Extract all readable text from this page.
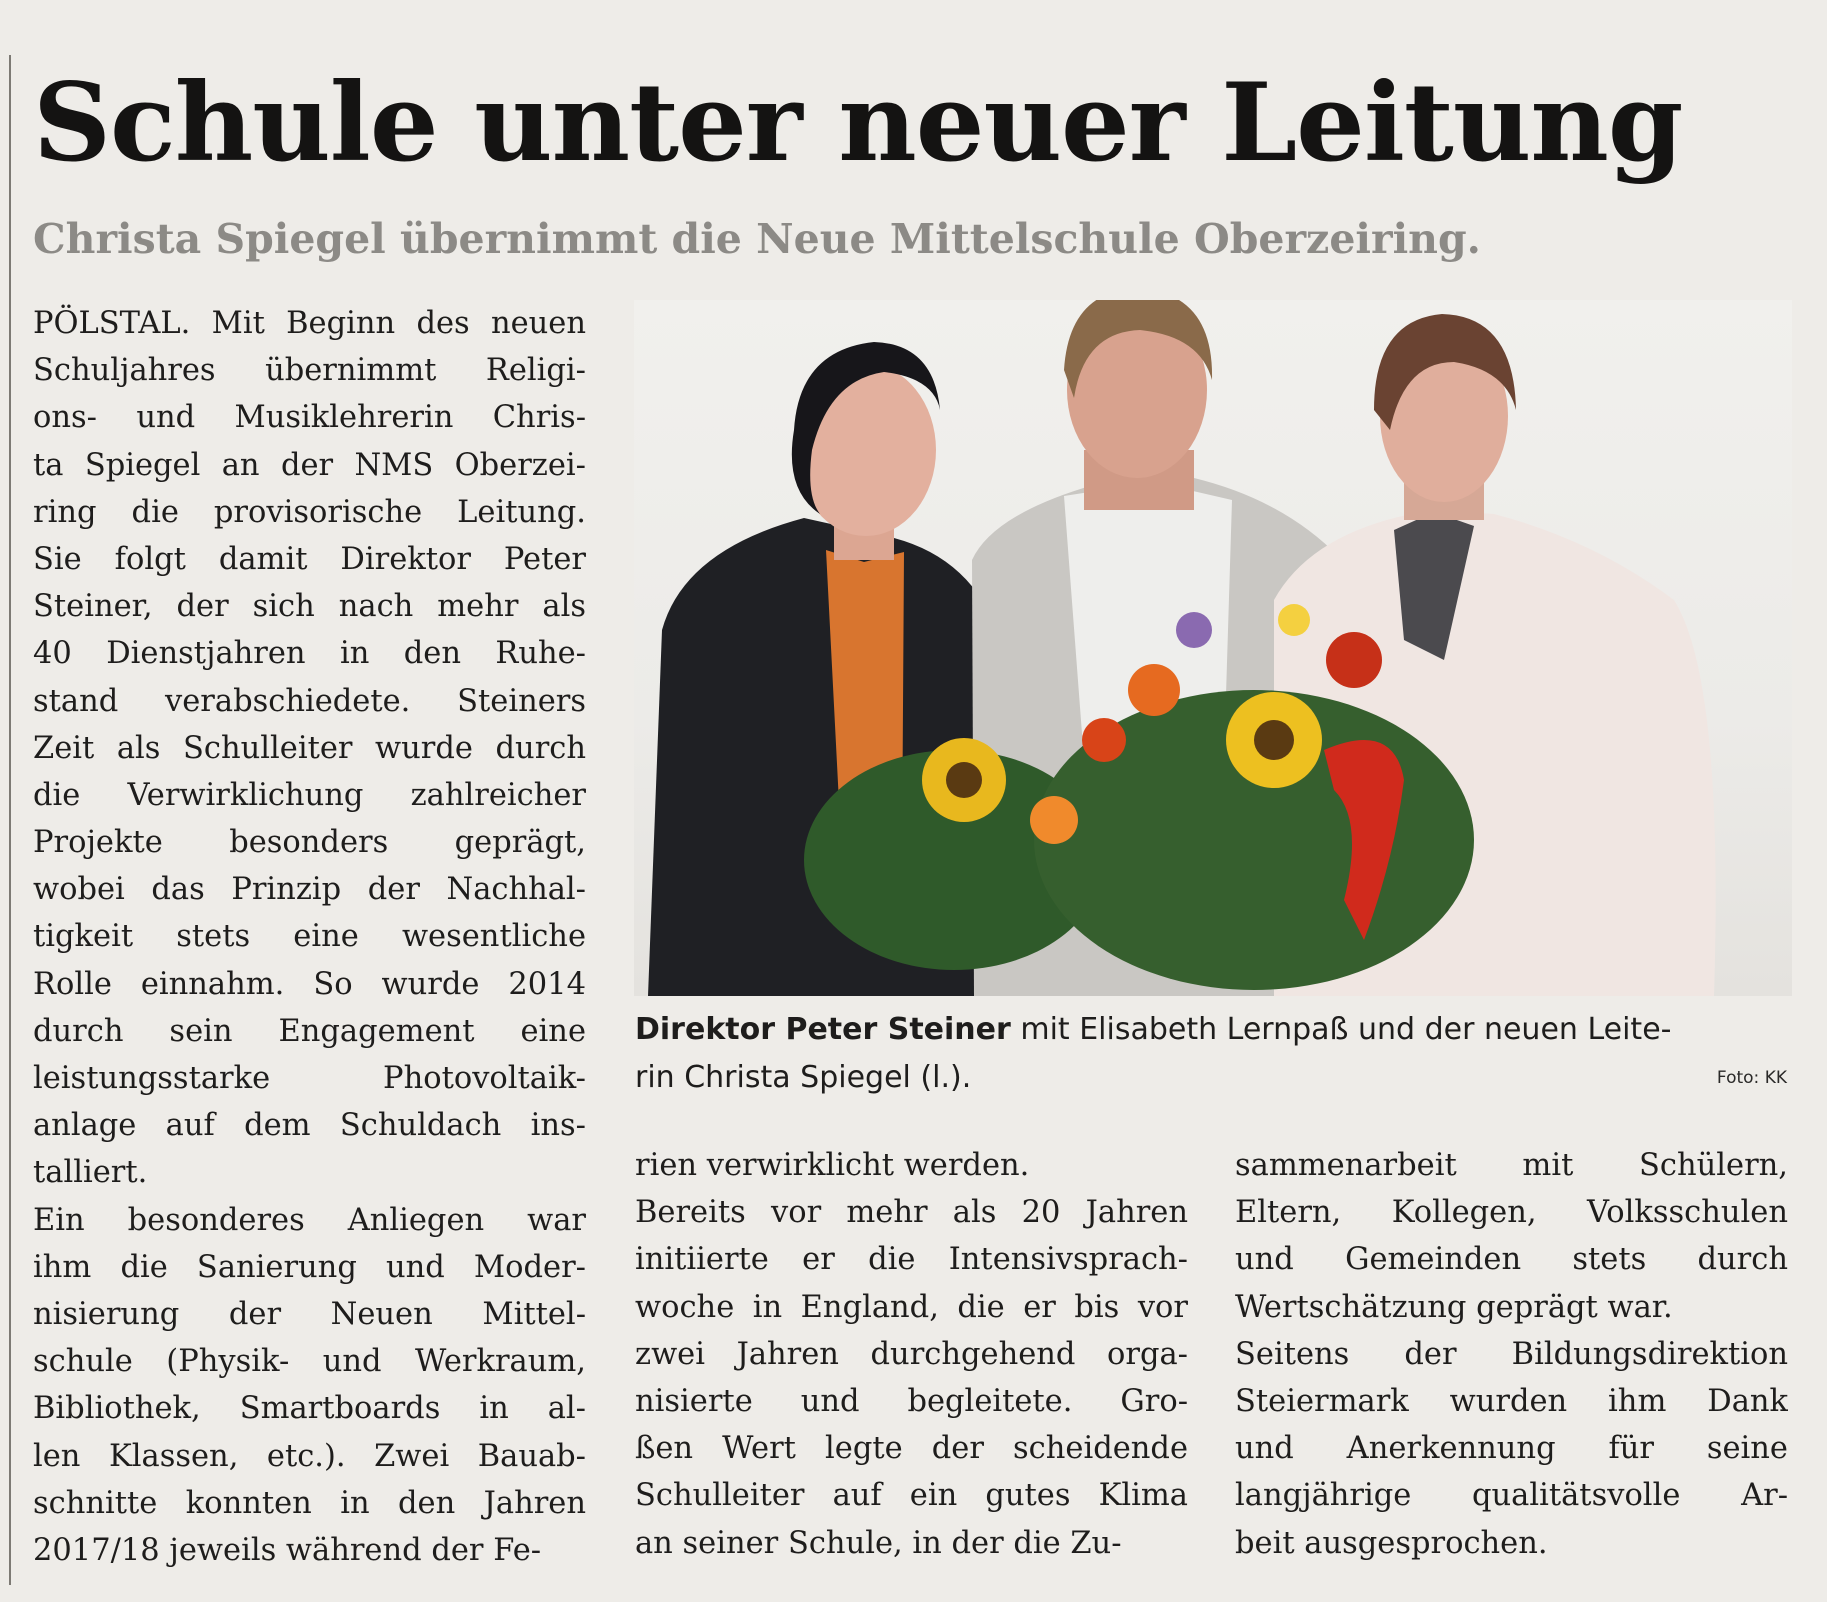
Schule unter neuer Leitung
Christa Spiegel übernimmt die Neue Mittelschule Oberzeiring.
PÖLSTAL. Mit Beginn des neuen
Schuljahres übernimmt Religi-
ons- und Musiklehrerin Chris-
ta Spiegel an der NMS Oberzei-
ring die provisorische Leitung.
Sie folgt damit Direktor Peter
Steiner, der sich nach mehr als
40 Dienstjahren in den Ruhe-
stand verabschiedete. Steiners
Zeit als Schulleiter wurde durch
die Verwirklichung zahlreicher
Projekte besonders geprägt,
wobei das Prinzip der Nachhal-
tigkeit stets eine wesentliche
Rolle einnahm. So wurde 2014
durch sein Engagement eine
leistungsstarke Photovoltaik-
anlage auf dem Schuldach ins-
talliert.
Ein besonderes Anliegen war
ihm die Sanierung und Moder-
nisierung der Neuen Mittel-
schule (Physik- und Werkraum,
Bibliothek, Smartboards in al-
len Klassen, etc.). Zwei Bauab-
schnitte konnten in den Jahren
2017/18 jeweils während der Fe-
Direktor Peter Steiner mit Elisabeth Lernpaß und der neuen Leite-
rin Christa Spiegel (l.).	Foto: KK
rien verwirklicht werden.
Bereits vor mehr als 20 Jahren
initiierte er die Intensivsprach-
woche in England, die er bis vor
zwei Jahren durchgehend orga-
nisierte und begleitete. Gro-
ßen Wert legte der scheidende
Schulleiter auf ein gutes Klima
an seiner Schule, in der die Zu-
sammenarbeit mit Schülern,
Eltern, Kollegen, Volksschulen
und Gemeinden stets durch
Wertschätzung geprägt war.
Seitens der Bildungsdirektion
Steiermark wurden ihm Dank
und Anerkennung für seine
langjährige qualitätsvolle Ar-
beit ausgesprochen.
